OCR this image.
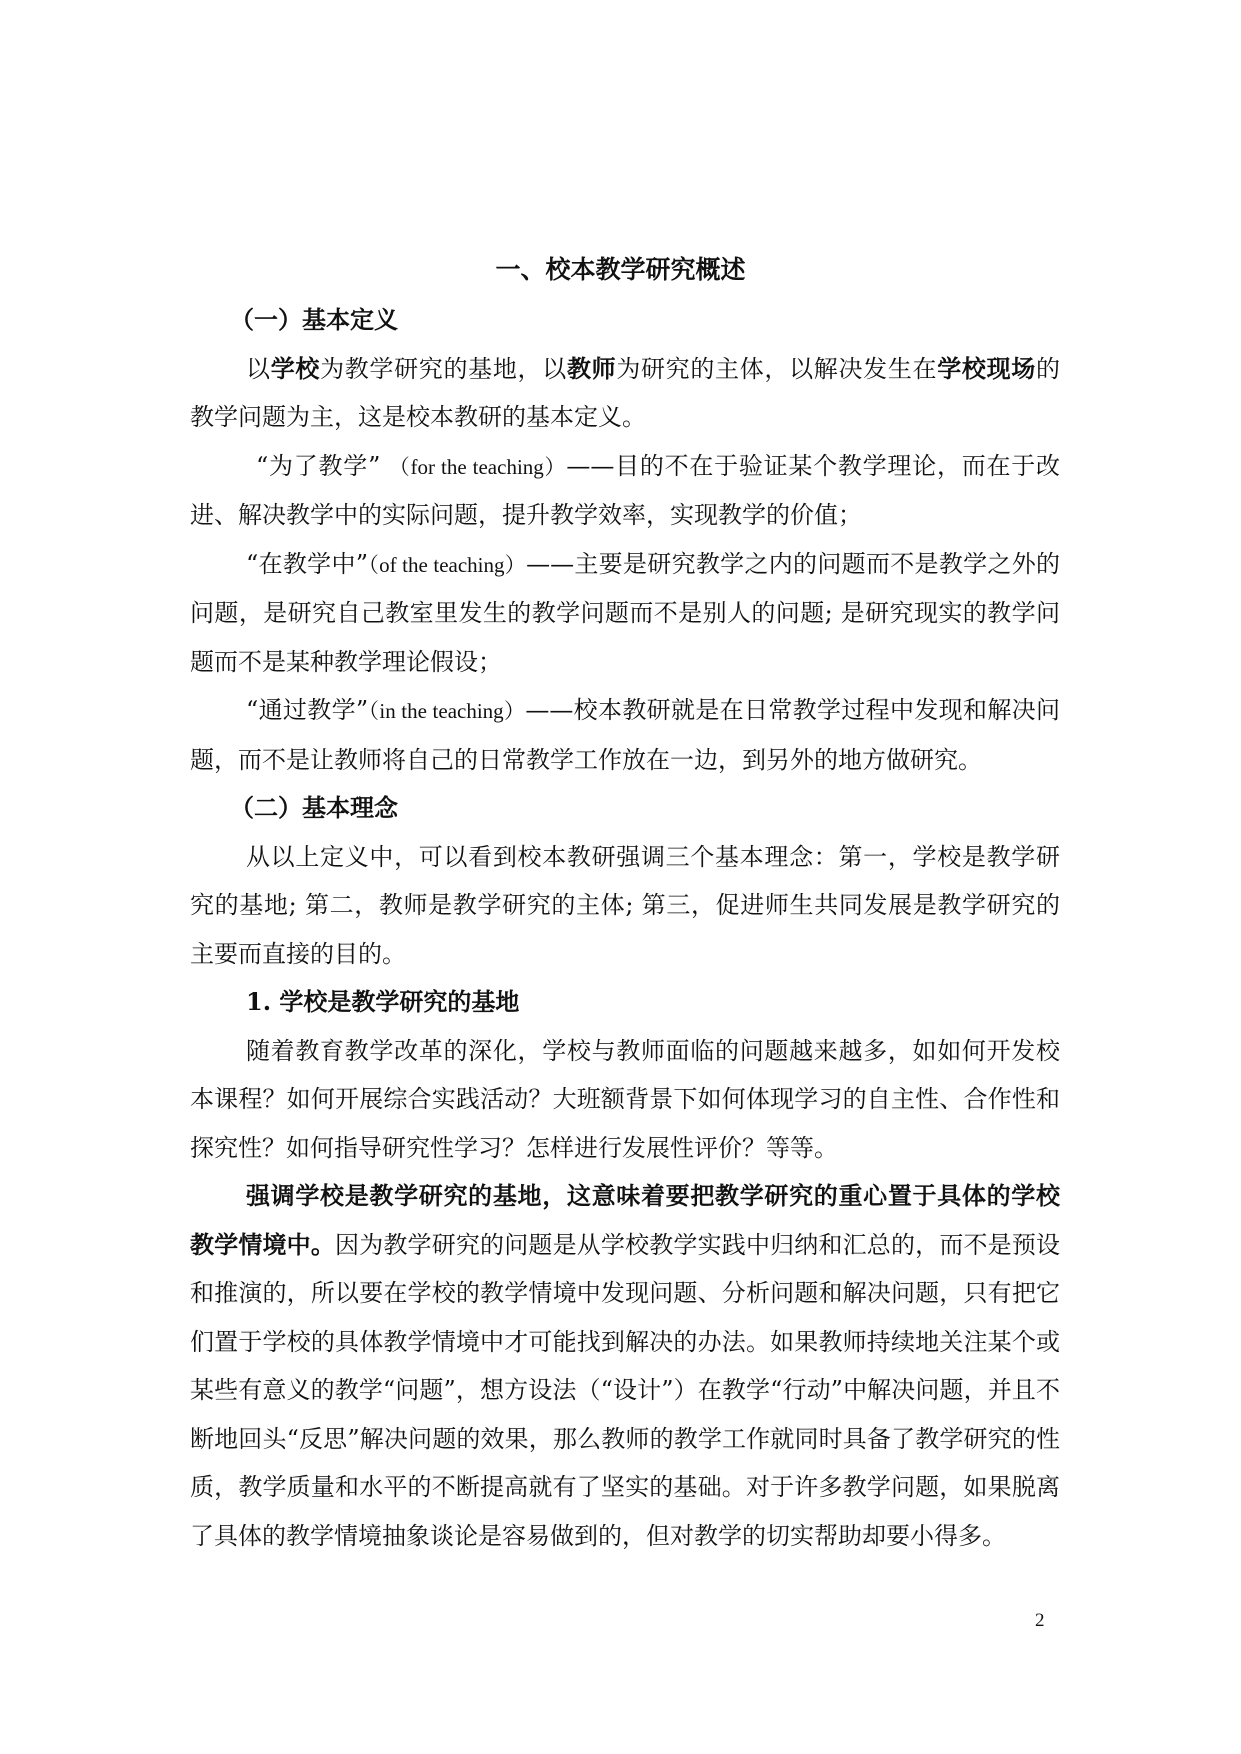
一、校本教学研究概述

（一）基本定义

以学校为教学研究的基地，以教师为研究的主体，以解决发生在学校现场的教学问题为主，这是校本教研的基本定义。

“为了教学” （for the teaching）——目的不在于验证某个教学理论，而在于改进、解决教学中的实际问题，提升教学效率，实现教学的价值；

“在教学中”（of the teaching）——主要是研究教学之内的问题而不是教学之外的问题，是研究自己教室里发生的教学问题而不是别人的问题; 是研究现实的教学问题而不是某种教学理论假设；

“通过教学”（in the teaching）——校本教研就是在日常教学过程中发现和解决问题，而不是让教师将自己的日常教学工作放在一边，到另外的地方做研究。

（二）基本理念

从以上定义中，可以看到校本教研强调三个基本理念：第一，学校是教学研究的基地; 第二，教师是教学研究的主体; 第三，促进师生共同发展是教学研究的主要而直接的目的。

1. 学校是教学研究的基地

随着教育教学改革的深化，学校与教师面临的问题越来越多，如如何开发校本课程？如何开展综合实践活动？大班额背景下如何体现学习的自主性、合作性和探究性？如何指导研究性学习？怎样进行发展性评价？等等。

强调学校是教学研究的基地，这意味着要把教学研究的重心置于具体的学校教学情境中。因为教学研究的问题是从学校教学实践中归纳和汇总的，而不是预设和推演的，所以要在学校的教学情境中发现问题、分析问题和解决问题，只有把它们置于学校的具体教学情境中才可能找到解决的办法。如果教师持续地关注某个或某些有意义的教学“问题”，想方设法（“设计”）在教学“行动”中解决问题，并且不断地回头“反思”解决问题的效果，那么教师的教学工作就同时具备了教学研究的性质，教学质量和水平的不断提高就有了坚实的基础。对于许多教学问题，如果脱离了具体的教学情境抽象谈论是容易做到的，但对教学的切实帮助却要小得多。

2
